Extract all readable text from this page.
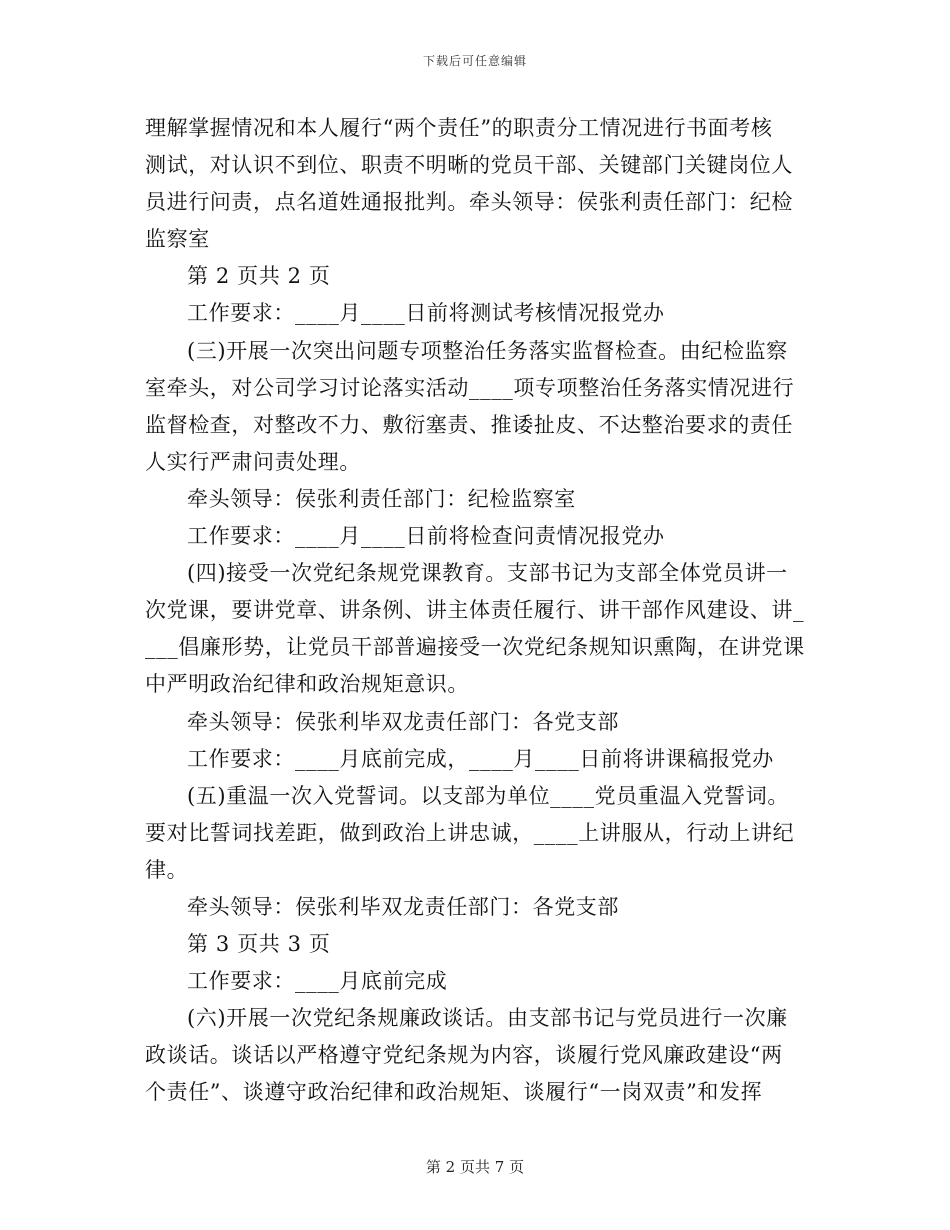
下载后可任意编辑
理解掌握情况和本人履行“两个责任”的职责分工情况进行书面考核
测试，对认识不到位、职责不明晰的党员干部、关键部门关键岗位人
员进行问责，点名道姓通报批判。牵头领导：侯张利责任部门：纪检
监察室
第 2 页共 2 页
工作要求：____月____日前将测试考核情况报党办
(三)开展一次突出问题专项整治任务落实监督检查。由纪检监察
室牵头，对公司学习讨论落实活动____项专项整治任务落实情况进行
监督检查，对整改不力、敷衍塞责、推诿扯皮、不达整治要求的责任
人实行严肃问责处理。
牵头领导：侯张利责任部门：纪检监察室
工作要求：____月____日前将检查问责情况报党办
(四)接受一次党纪条规党课教育。支部书记为支部全体党员讲一
次党课，要讲党章、讲条例、讲主体责任履行、讲干部作风建设、讲_
___倡廉形势，让党员干部普遍接受一次党纪条规知识熏陶，在讲党课
中严明政治纪律和政治规矩意识。
牵头领导：侯张利毕双龙责任部门：各党支部
工作要求：____月底前完成，____月____日前将讲课稿报党办
(五)重温一次入党誓词。以支部为单位____党员重温入党誓词。
要对比誓词找差距，做到政治上讲忠诚，____上讲服从，行动上讲纪
律。
牵头领导：侯张利毕双龙责任部门：各党支部
第 3 页共 3 页
工作要求：____月底前完成
(六)开展一次党纪条规廉政谈话。由支部书记与党员进行一次廉
政谈话。谈话以严格遵守党纪条规为内容，谈履行党风廉政建设“两
个责任”、谈遵守政治纪律和政治规矩、谈履行“一岗双责”和发挥
第 2 页共 7 页
